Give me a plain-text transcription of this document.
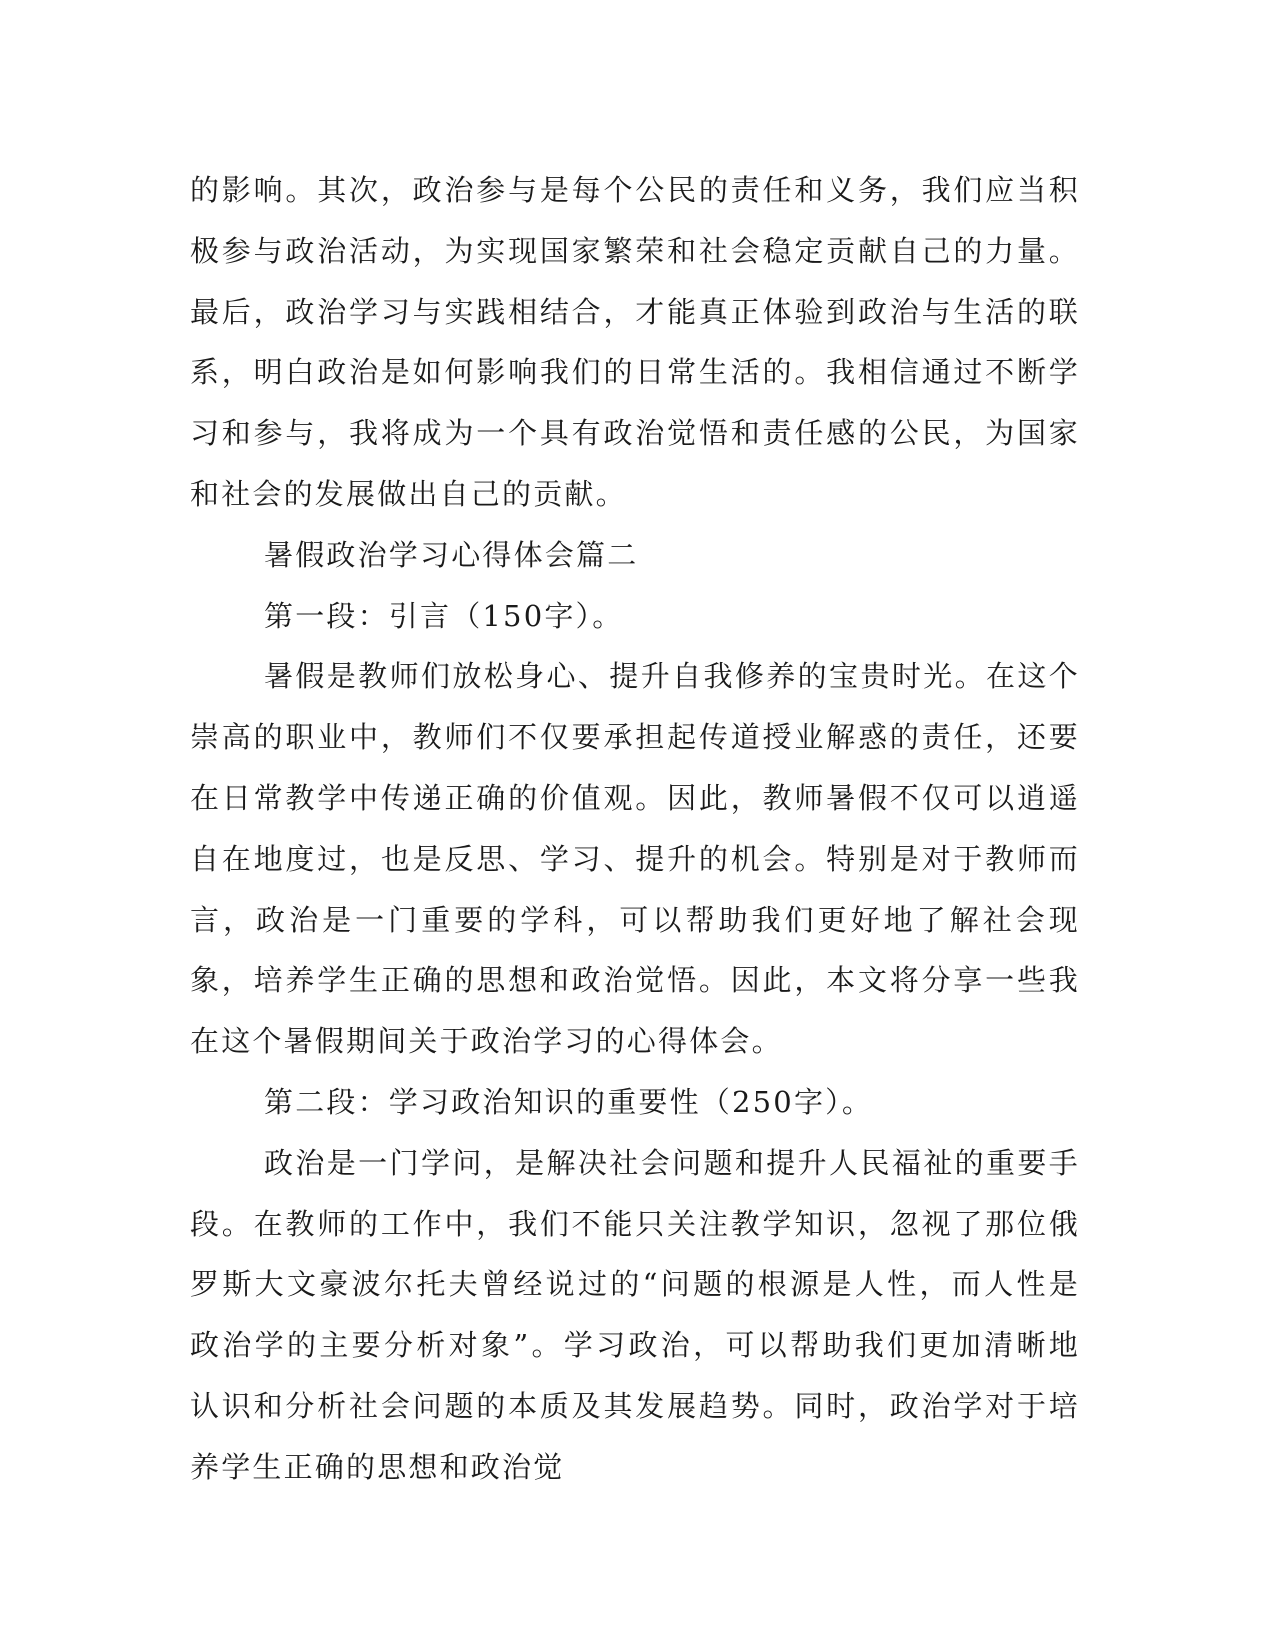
的影响。其次，政治参与是每个公民的责任和义务，我们应当积极参与政治活动，为实现国家繁荣和社会稳定贡献自己的力量。最后，政治学习与实践相结合，才能真正体验到政治与生活的联系，明白政治是如何影响我们的日常生活的。我相信通过不断学习和参与，我将成为一个具有政治觉悟和责任感的公民，为国家和社会的发展做出自己的贡献。

暑假政治学习心得体会篇二

第一段：引言（150字）。

暑假是教师们放松身心、提升自我修养的宝贵时光。在这个崇高的职业中，教师们不仅要承担起传道授业解惑的责任，还要在日常教学中传递正确的价值观。因此，教师暑假不仅可以逍遥自在地度过，也是反思、学习、提升的机会。特别是对于教师而言，政治是一门重要的学科，可以帮助我们更好地了解社会现象，培养学生正确的思想和政治觉悟。因此，本文将分享一些我在这个暑假期间关于政治学习的心得体会。

第二段：学习政治知识的重要性（250字）。

政治是一门学问，是解决社会问题和提升人民福祉的重要手段。在教师的工作中，我们不能只关注教学知识，忽视了那位俄罗斯大文豪波尔托夫曾经说过的“问题的根源是人性，而人性是政治学的主要分析对象”。学习政治，可以帮助我们更加清晰地认识和分析社会问题的本质及其发展趋势。同时，政治学对于培养学生正确的思想和政治觉
